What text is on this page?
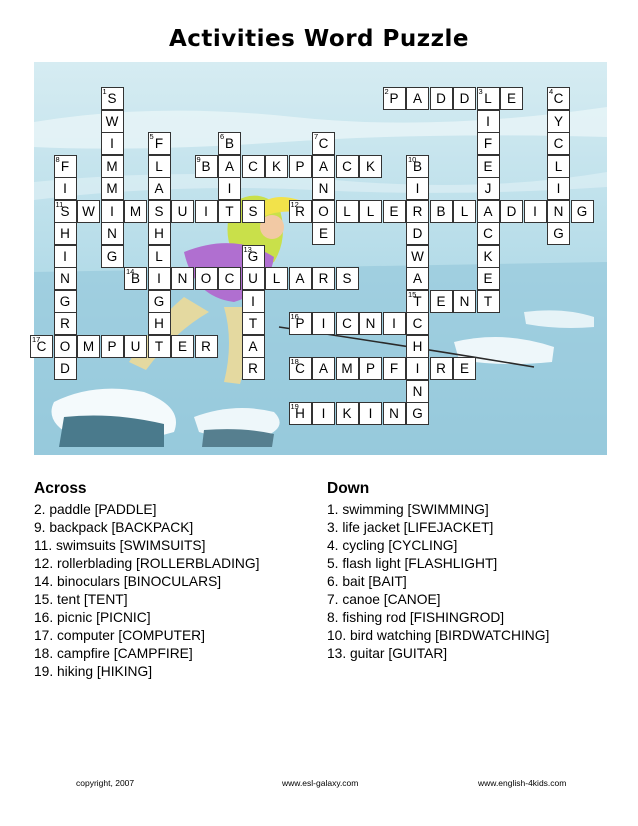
Activities Word Puzzle
S
1
W
I
M
M
I
N
G
P
2 A D D L
3 E
I
F
E
J
A
C
K
E
T
C
4
Y
C
L
I
N
G
F
5
L
A
S
H
L
I
G
H
T
B
6
A
I
T
C
7
A
N
O
E
F
8
I
S
11
H
I
N
G
R
O
D
B
9	C K P	C K	B
10
I
R
D
W
A
T
15
C
H
I
N
G
W	M	U I	S	R
12	L L E	B L	D I	G
G
13
U
I
T
A
R
B
14	N O C	L A R S
E N
P
16 I C N I
C
17	M P U	E R
C
18 A M P F	R E
H
19 I K I N
Across
2. paddle [PADDLE]
9. backpack [BACKPACK]
11. swimsuits [SWIMSUITS]
12. rollerblading [ROLLERBLADING]
14. binoculars [BINOCULARS]
15. tent [TENT]
16. picnic [PICNIC]
17. computer [COMPUTER]
18. campfire [CAMPFIRE]
19. hiking [HIKING]
Down
1. swimming [SWIMMING]
3. life jacket [LIFEJACKET]
4. cycling [CYCLING]
5. flash light [FLASHLIGHT]
6. bait [BAIT]
7. canoe [CANOE]
8. fishing rod [FISHINGROD]
10. bird watching [BIRDWATCHING]
13. guitar [GUITAR]
copyright, 2007	www.esl-galaxy.com	www.english-4kids.com
